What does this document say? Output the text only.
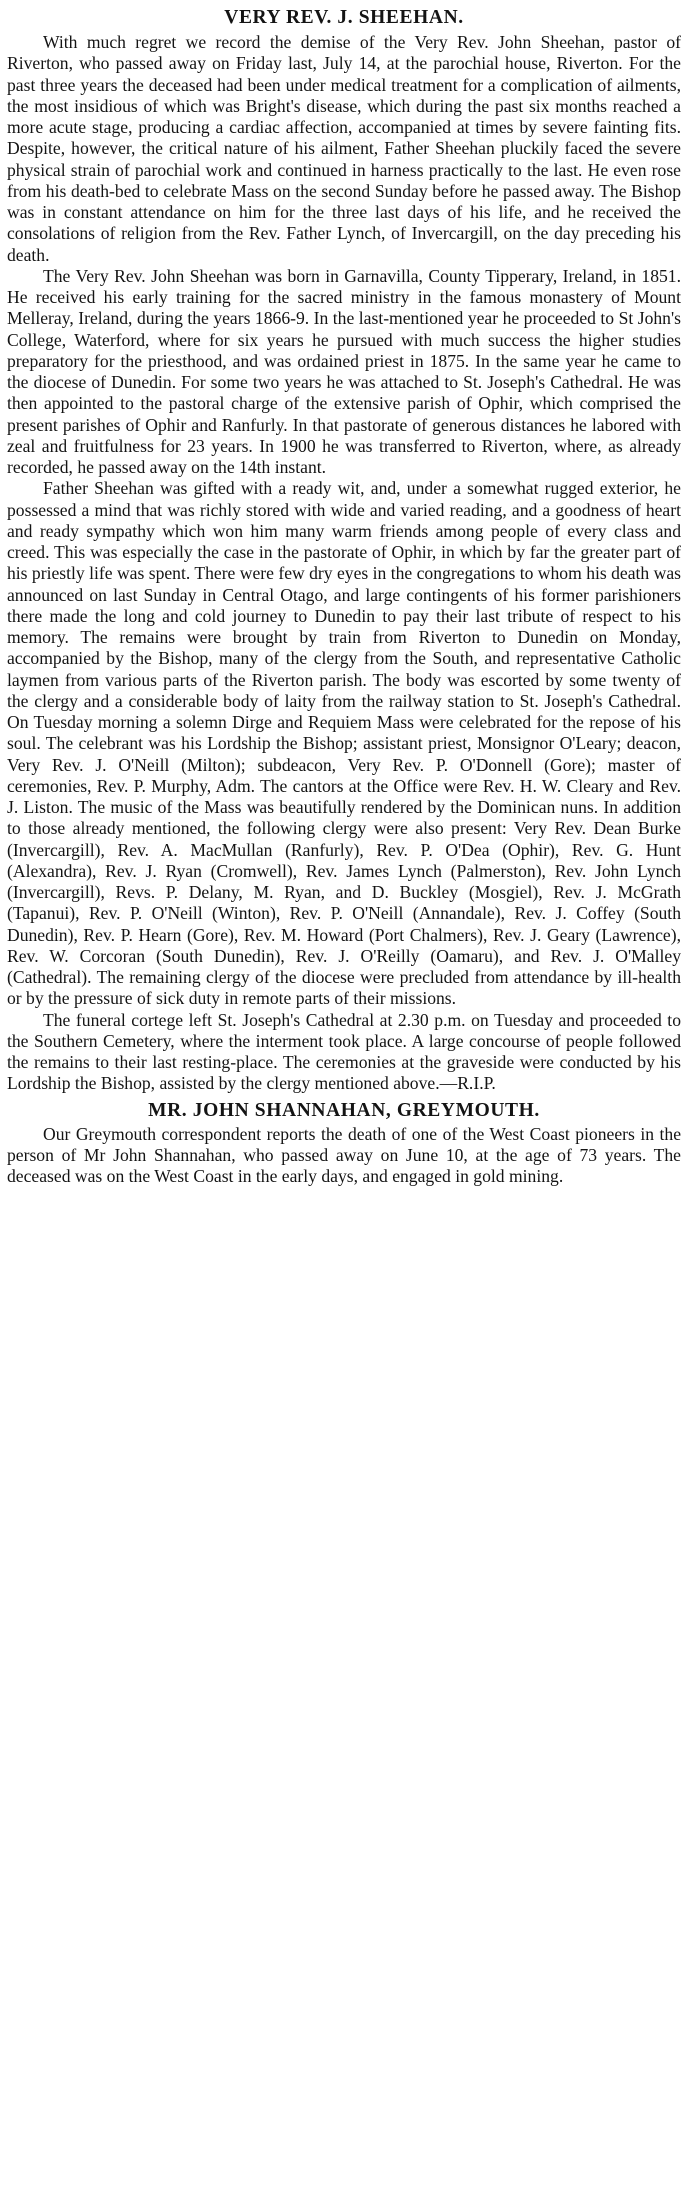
VERY REV. J. SHEEHAN.

With much regret we record the demise of the Very Rev. John Sheehan, pastor of Riverton, who passed away on Friday last, July 14, at the parochial house, Riverton. For the past three years the deceased had been under medical treatment for a complication of ailments, the most insidious of which was Bright's disease, which during the past six months reached a more acute stage, producing a cardiac affection, accompanied at times by severe fainting fits. Despite, however, the critical nature of his ailment, Father Sheehan pluckily faced the severe physical strain of parochial work and continued in harness practically to the last. He even rose from his death-bed to celebrate Mass on the second Sunday before he passed away. The Bishop was in constant attendance on him for the three last days of his life, and he received the consolations of religion from the Rev. Father Lynch, of Invercargill, on the day preceding his death.

The Very Rev. John Sheehan was born in Garnavilla, County Tipperary, Ireland, in 1851. He received his early training for the sacred ministry in the famous monastery of Mount Melleray, Ireland, during the years 1866-9. In the last-mentioned year he proceeded to St John's College, Waterford, where for six years he pursued with much success the higher studies preparatory for the priesthood, and was ordained priest in 1875. In the same year he came to the diocese of Dunedin. For some two years he was attached to St. Joseph's Cathedral. He was then appointed to the pastoral charge of the extensive parish of Ophir, which comprised the present parishes of Ophir and Ranfurly. In that pastorate of generous distances he labored with zeal and fruitfulness for 23 years. In 1900 he was transferred to Riverton, where, as already recorded, he passed away on the 14th instant.

Father Sheehan was gifted with a ready wit, and, under a somewhat rugged exterior, he possessed a mind that was richly stored with wide and varied reading, and a goodness of heart and ready sympathy which won him many warm friends among people of every class and creed. This was especially the case in the pastorate of Ophir, in which by far the greater part of his priestly life was spent. There were few dry eyes in the congregations to whom his death was announced on last Sunday in Central Otago, and large contingents of his former parishioners there made the long and cold journey to Dunedin to pay their last tribute of respect to his memory. The remains were brought by train from Riverton to Dunedin on Monday, accompanied by the Bishop, many of the clergy from the South, and representative Catholic laymen from various parts of the Riverton parish. The body was escorted by some twenty of the clergy and a considerable body of laity from the railway station to St. Joseph's Cathedral. On Tuesday morning a solemn Dirge and Requiem Mass were celebrated for the repose of his soul. The celebrant was his Lordship the Bishop; assistant priest, Monsignor O'Leary; deacon, Very Rev. J. O'Neill (Milton); subdeacon, Very Rev. P. O'Donnell (Gore); master of ceremonies, Rev. P. Murphy, Adm. The cantors at the Office were Rev. H. W. Cleary and Rev. J. Liston. The music of the Mass was beautifully rendered by the Dominican nuns. In addition to those already mentioned, the following clergy were also present: Very Rev. Dean Burke (Invercargill), Rev. A. MacMullan (Ranfurly), Rev. P. O'Dea (Ophir), Rev. G. Hunt (Alexandra), Rev. J. Ryan (Cromwell), Rev. James Lynch (Palmerston), Rev. John Lynch (Invercargill), Revs. P. Delany, M. Ryan, and D. Buckley (Mosgiel), Rev. J. McGrath (Tapanui), Rev. P. O'Neill (Winton), Rev. P. O'Neill (Annandale), Rev. J. Coffey (South Dunedin), Rev. P. Hearn (Gore), Rev. M. Howard (Port Chalmers), Rev. J. Geary (Lawrence), Rev. W. Corcoran (South Dunedin), Rev. J. O'Reilly (Oamaru), and Rev. J. O'Malley (Cathedral). The remaining clergy of the diocese were precluded from attendance by ill-health or by the pressure of sick duty in remote parts of their missions.

The funeral cortege left St. Joseph's Cathedral at 2.30 p.m. on Tuesday and proceeded to the Southern Cemetery, where the interment took place. A large concourse of people followed the remains to their last resting-place. The ceremonies at the graveside were conducted by his Lordship the Bishop, assisted by the clergy mentioned above.—R.I.P.

MR. JOHN SHANNAHAN, GREYMOUTH.

Our Greymouth correspondent reports the death of one of the West Coast pioneers in the person of Mr John Shannahan, who passed away on June 10, at the age of 73 years. The deceased was on the West Coast in the early days, and engaged in gold mining.
